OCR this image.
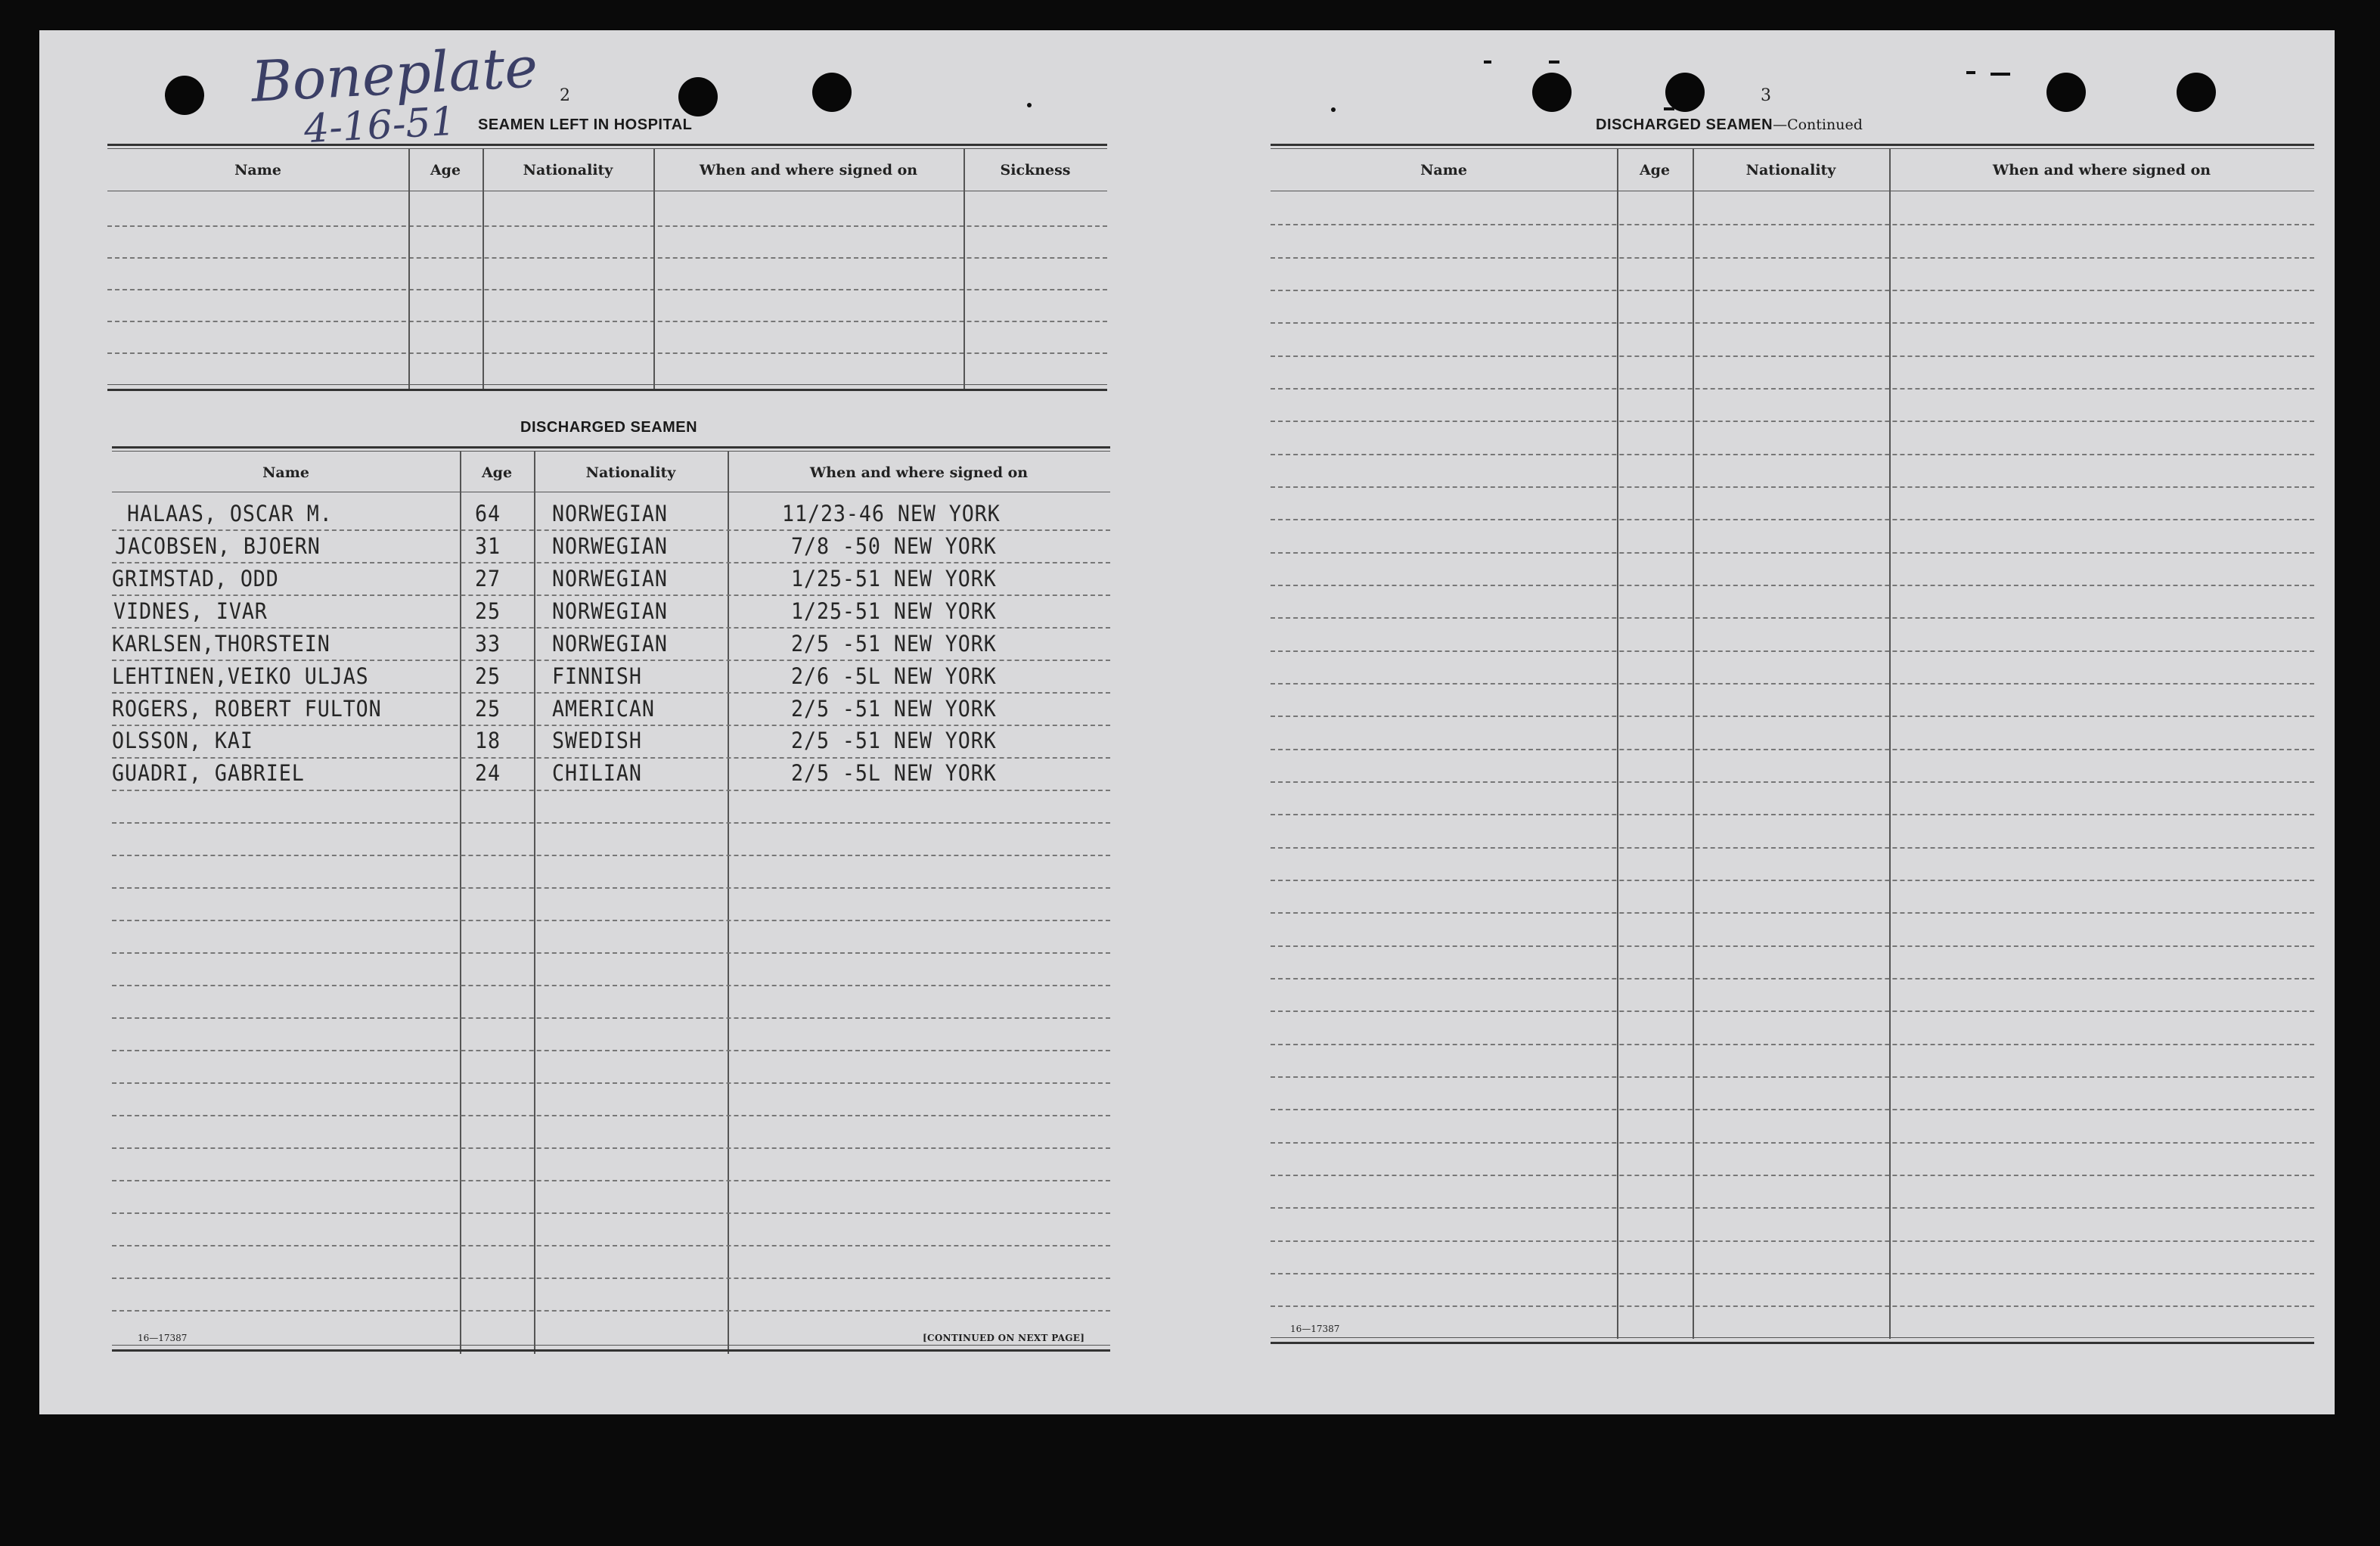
Boneplate
4-16-51
2
SEAMEN LEFT IN HOSPITAL
Name	Age	Nationality	When and where signed on	Sickness
DISCHARGED SEAMEN
Name	Age	Nationality	When and where signed on
HALAAS, OSCAR M.	64 NORWEGIAN	11/23-46 NEW YORK
JACOBSEN, BJOERN	31 NORWEGIAN	7/8 -50 NEW YORK
GRIMSTAD, ODD	27 NORWEGIAN	1/25-51 NEW YORK
VIDNES, IVAR	25 NORWEGIAN	1/25-51 NEW YORK
KARLSEN,THORSTEIN	33 NORWEGIAN	2/5 -51 NEW YORK
LEHTINEN,VEIKO ULJAS	25 FINNISH	2/6 -5L NEW YORK
ROGERS, ROBERT FULTON	25 AMERICAN	2/5 -51 NEW YORK
OLSSON, KAI	18 SWEDISH	2/5 -51 NEW YORK
GUADRI, GABRIEL	24 CHILIAN	2/5 -5L NEW YORK
16—17387	[CONTINUED ON NEXT PAGE]
3
DISCHARGED SEAMEN—Continued
Name	Age	Nationality	When and where signed on
16—17387
